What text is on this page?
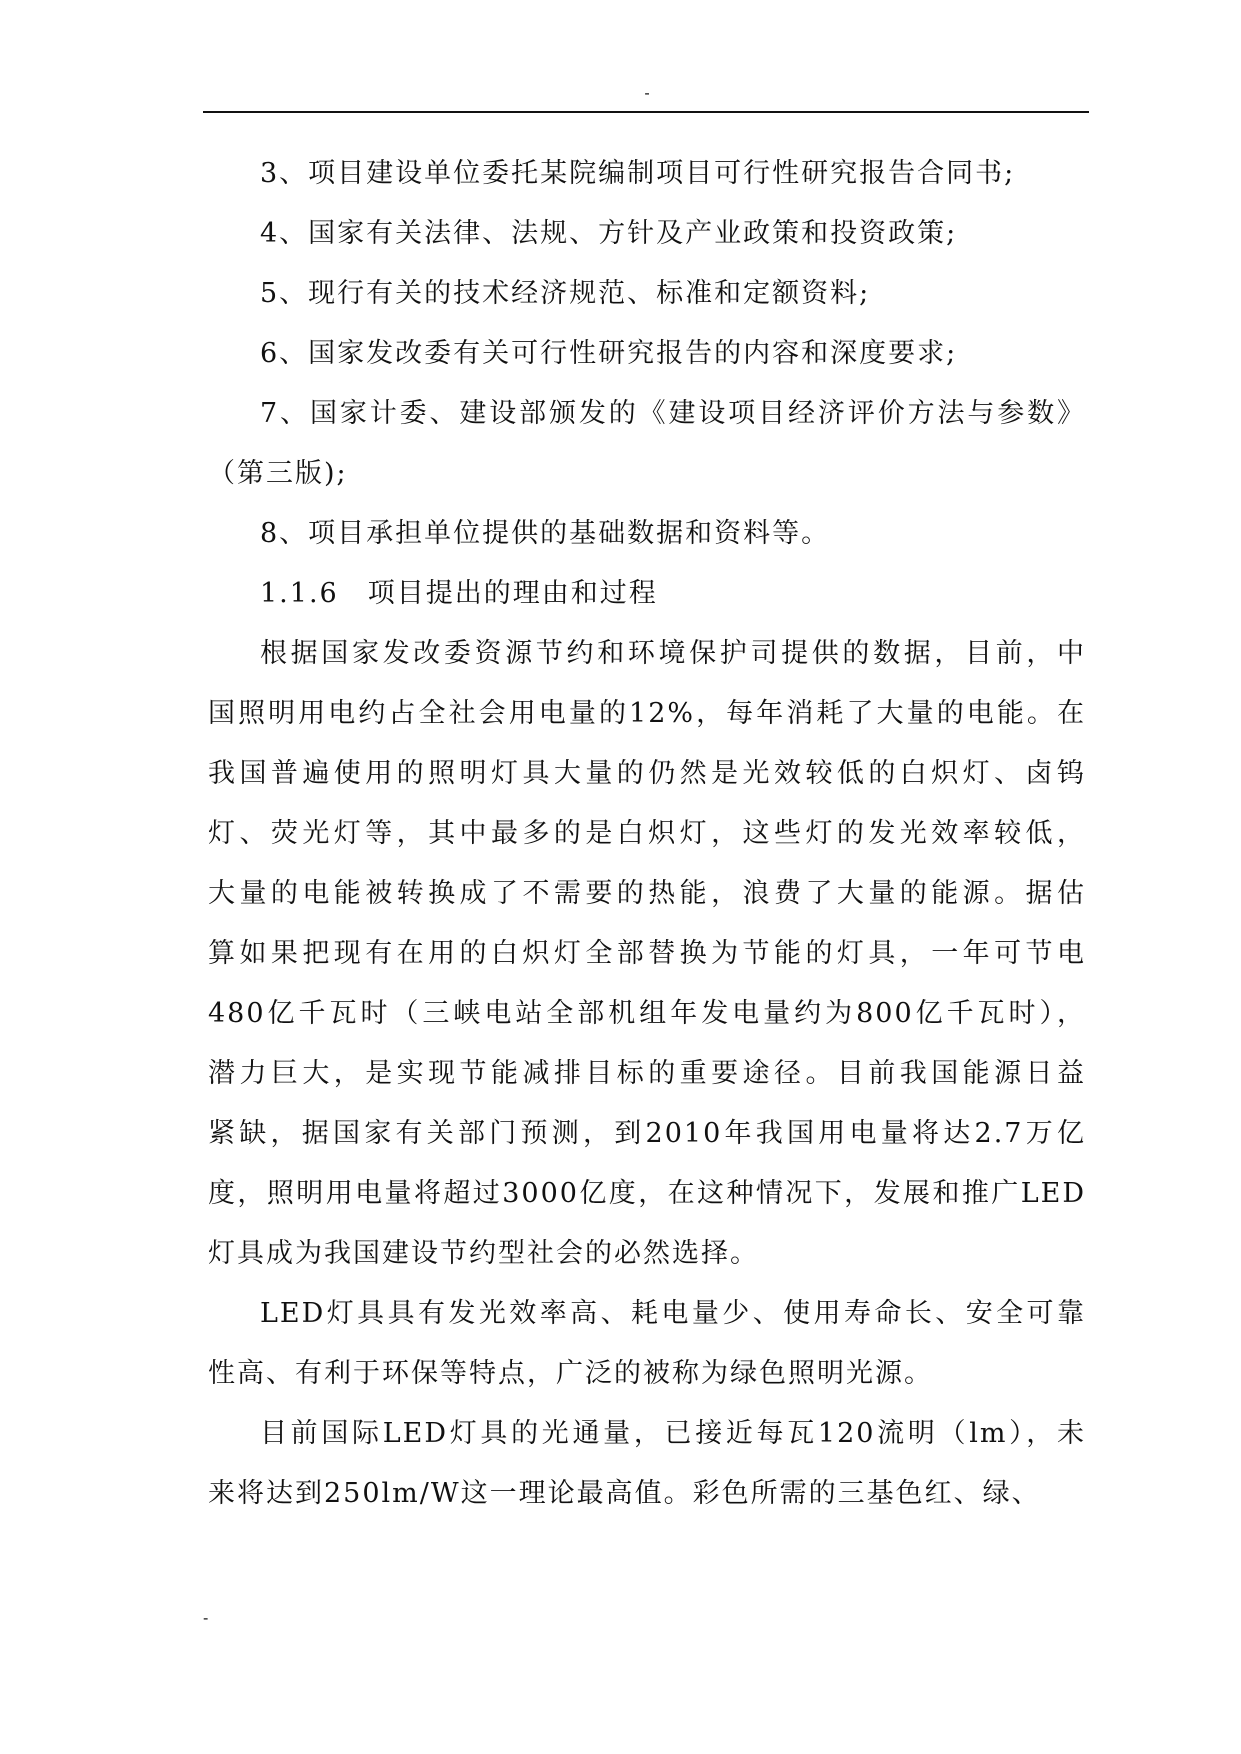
-
3、项目建设单位委托某院编制项目可行性研究报告合同书;
4、国家有关法律、法规、方针及产业政策和投资政策;
5、现行有关的技术经济规范、标准和定额资料;
6、国家发改委有关可行性研究报告的内容和深度要求;
7、国家计委、建设部颁发的《建设项目经济评价方法与参数》
（第三版);
8、项目承担单位提供的基础数据和资料等。
1.1.6　项目提出的理由和过程
根据国家发改委资源节约和环境保护司提供的数据，目前，中
国照明用电约占全社会用电量的12%，每年消耗了大量的电能。在
我国普遍使用的照明灯具大量的仍然是光效较低的白炽灯、卤钨
灯、荧光灯等，其中最多的是白炽灯，这些灯的发光效率较低，
大量的电能被转换成了不需要的热能，浪费了大量的能源。据估
算如果把现有在用的白炽灯全部替换为节能的灯具，一年可节电
480亿千瓦时（三峡电站全部机组年发电量约为800亿千瓦时），
潜力巨大，是实现节能减排目标的重要途径。目前我国能源日益
紧缺，据国家有关部门预测，到2010年我国用电量将达2.7万亿
度，照明用电量将超过3000亿度，在这种情况下，发展和推广LED
灯具成为我国建设节约型社会的必然选择。
LED灯具具有发光效率高、耗电量少、使用寿命长、安全可靠
性高、有利于环保等特点，广泛的被称为绿色照明光源。
目前国际LED灯具的光通量，已接近每瓦120流明（lm），未
来将达到250lm/W这一理论最高值。彩色所需的三基色红、绿、
-
